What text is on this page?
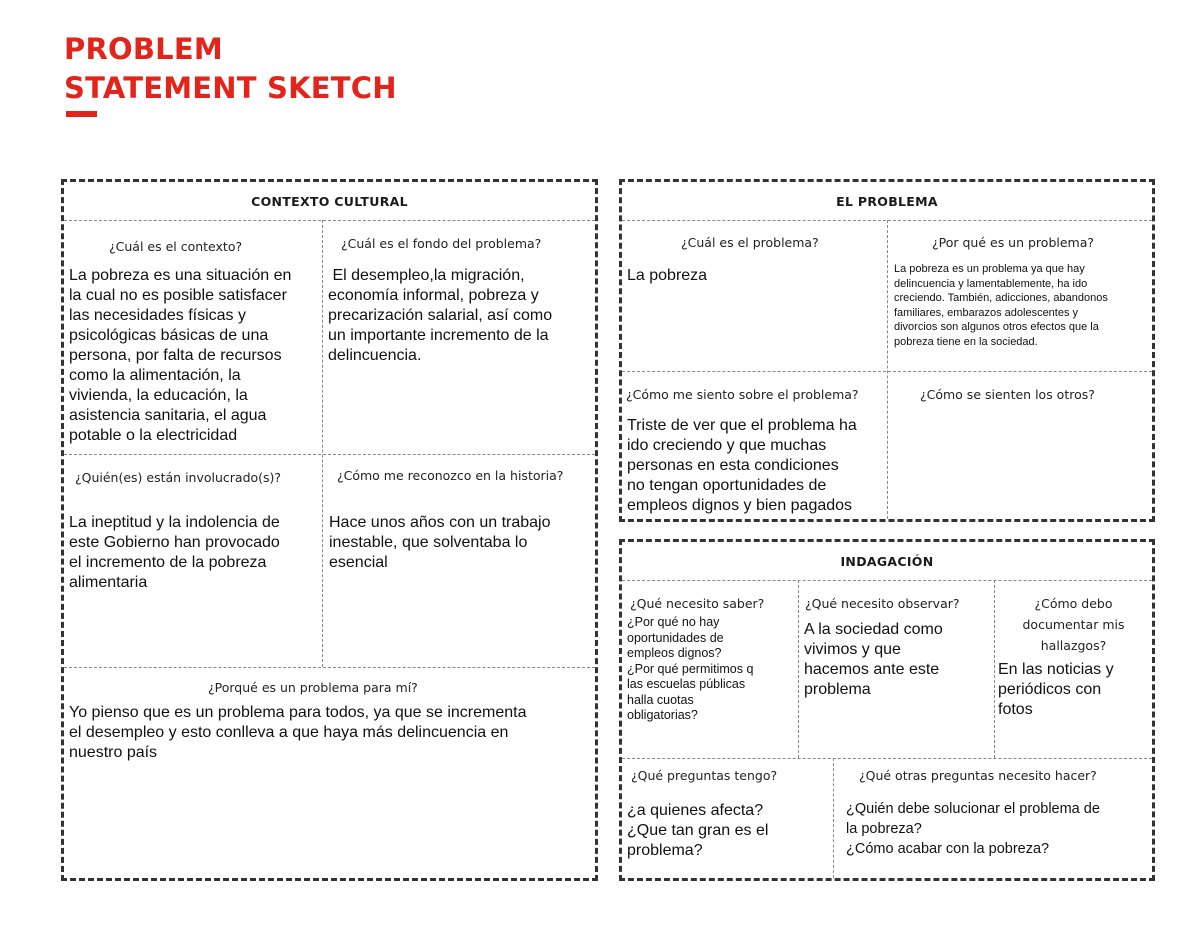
PROBLEM
STATEMENT SKETCH
CONTEXTO CULTURAL
¿Cuál es el contexto?
La pobreza es una situación en
la cual no es posible satisfacer
las necesidades físicas y
psicológicas básicas de una
persona, por falta de recursos
como la alimentación, la
vivienda, la educación, la
asistencia sanitaria, el agua
potable o la electricidad
¿Cuál es el fondo del problema?
El desempleo,la migración,
economía informal, pobreza y
precarización salarial, así como
un importante incremento de la
delincuencia.
¿Quién(es) están involucrado(s)?
La ineptitud y la indolencia de
este Gobierno han provocado
el incremento de la pobreza
alimentaria
¿Cómo me reconozco en la historia?
Hace unos años con un trabajo
inestable, que solventaba lo
esencial
¿Porqué es un problema para mí?
Yo pienso que es un problema para todos, ya que se incrementa
el desempleo y esto conlleva a que haya más delincuencia en
nuestro país
EL PROBLEMA
¿Cuál es el problema?
La pobreza
¿Por qué es un problema?
La pobreza es un problema ya que hay
delincuencia y lamentablemente, ha ido
creciendo. También, adicciones, abandonos
familiares, embarazos adolescentes y
divorcios son algunos otros efectos que la
pobreza tiene en la sociedad.
¿Cómo me siento sobre el problema?
Triste de ver que el problema ha
ido creciendo y que muchas
personas en esta condiciones
no tengan oportunidades de
empleos dignos y bien pagados
¿Cómo se sienten los otros?
INDAGACIÓN
¿Qué necesito saber?
¿Por qué no hay
oportunidades de
empleos dignos?
¿Por qué permitimos q
las escuelas públicas
halla cuotas
obligatorias?
¿Qué necesito observar?
A la sociedad como
vivimos y que
hacemos ante este
problema
¿Cómo debo
documentar mis
hallazgos?
En las noticias y
periódicos con
fotos
¿Qué preguntas tengo?
¿a quienes afecta?
¿Que tan gran es el
problema?
¿Qué otras preguntas necesito hacer?
¿Quién debe solucionar el problema de
la pobreza?
¿Cómo acabar con la pobreza?
